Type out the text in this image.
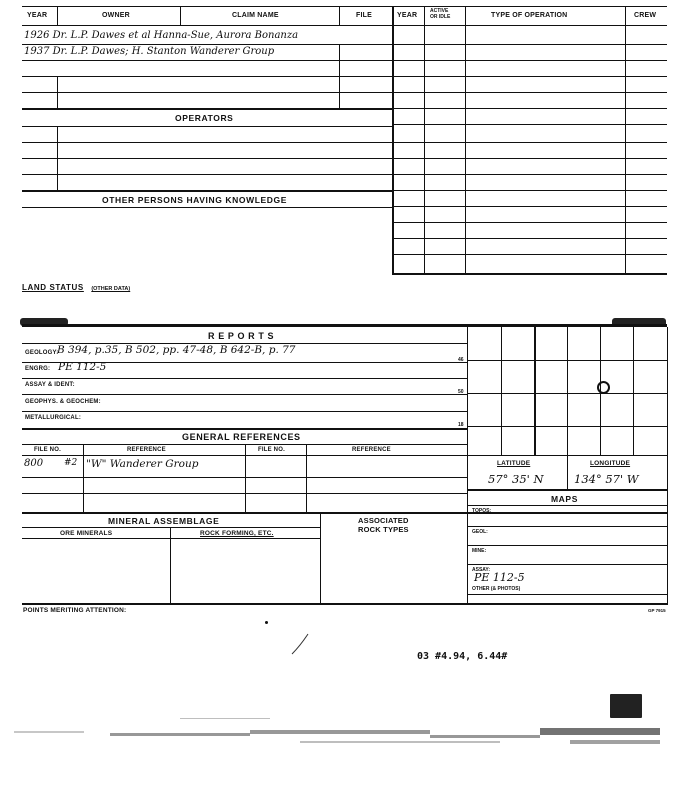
YEAR	OWNER	CLAIM NAME	FILE	YEAR
ACTIVE
OR IDLE	TYPE OF OPERATION	CREW
1926 Dr. L.P. Dawes et al Hanna-Sue, Aurora Bonanza
1937 Dr. L.P. Dawes; H. Stanton Wanderer Group
OPERATORS
OTHER PERSONS HAVING KNOWLEDGE
LAND STATUS (OTHER DATA)
R E P O R T S
GEOLOGY:
B 394, p.35, B 502, pp. 47-48, B 642-B, p. 77
46
ENGRG: PE 112-5
ASSAY & IDENT:
50
GEOPHYS. & GEOCHEM:
METALLURGICAL:
18
GENERAL REFERENCES
FILE NO.	REFERENCE	FILE NO.	REFERENCE
800 #2 "W" Wanderer Group
MINERAL ASSEMBLAGE	ASSOCIATED
ROCK TYPES
ORE MINERALS	ROCK FORMING, ETC.
LATITUDE	LONGITUDE
57° 35' N	134° 57' W
MAPS
TOPOS:
GEOL:
MINE:
ASSAY:
PE 112-5
OTHER (& PHOTOS)
POINTS MERITING ATTENTION:	GP 7915
03 #4.94, 6.44#
